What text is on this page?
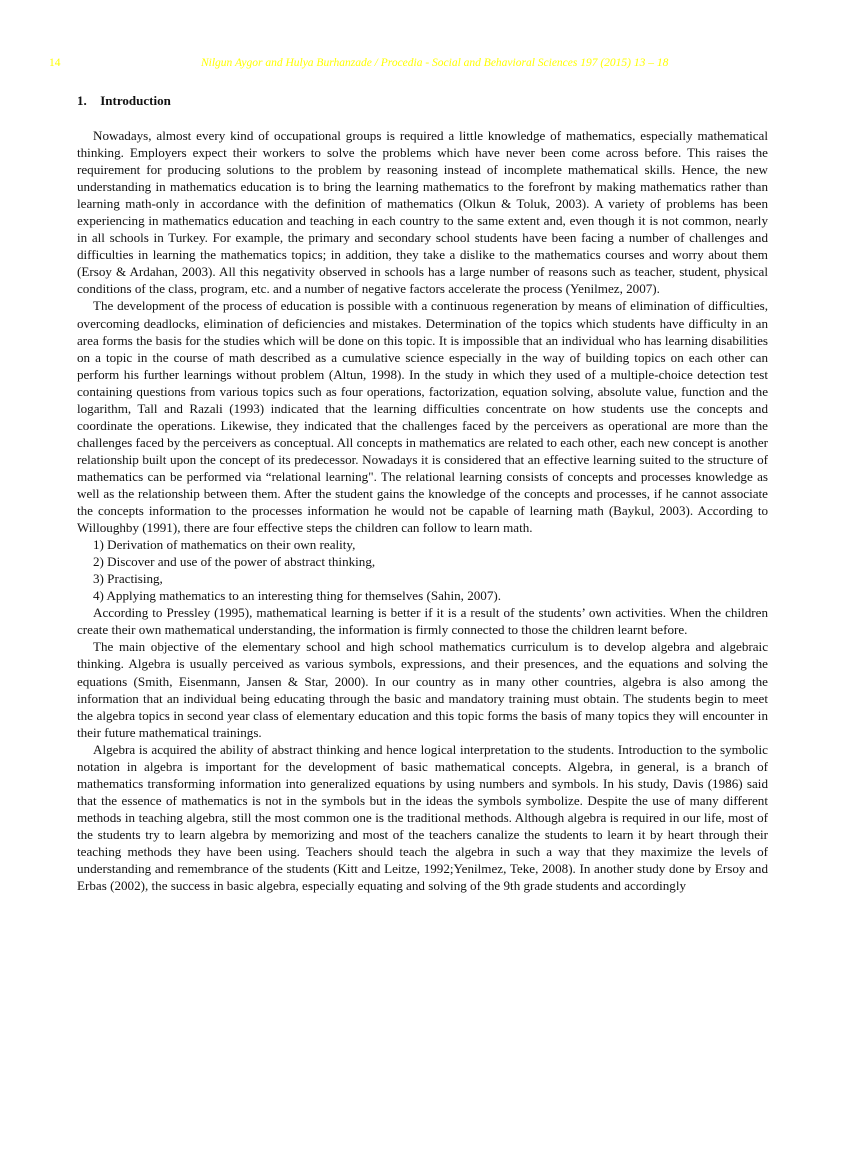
14	Nilgun Aygor and Hulya Burhanzade / Procedia - Social and Behavioral Sciences 197 (2015) 13 – 18
1. Introduction

Nowadays, almost every kind of occupational groups is required a little knowledge of mathematics, especially mathematical thinking. Employers expect their workers to solve the problems which have never been come across before. This raises the requirement for producing solutions to the problem by reasoning instead of incomplete mathematical skills. Hence, the new understanding in mathematics education is to bring the learning mathematics to the forefront by making mathematics rather than learning math-only in accordance with the definition of mathematics (Olkun & Toluk, 2003). A variety of problems has been experiencing in mathematics education and teaching in each country to the same extent and, even though it is not common, nearly in all schools in Turkey. For example, the primary and secondary school students have been facing a number of challenges and difficulties in learning the mathematics topics; in addition, they take a dislike to the mathematics courses and worry about them (Ersoy & Ardahan, 2003). All this negativity observed in schools has a large number of reasons such as teacher, student, physical conditions of the class, program, etc. and a number of negative factors accelerate the process (Yenilmez, 2007).

The development of the process of education is possible with a continuous regeneration by means of elimination of difficulties, overcoming deadlocks, elimination of deficiencies and mistakes. Determination of the topics which students have difficulty in an area forms the basis for the studies which will be done on this topic. It is impossible that an individual who has learning disabilities on a topic in the course of math described as a cumulative science especially in the way of building topics on each other can perform his further learnings without problem (Altun, 1998). In the study in which they used of a multiple-choice detection test containing questions from various topics such as four operations, factorization, equation solving, absolute value, function and the logarithm, Tall and Razali (1993) indicated that the learning difficulties concentrate on how students use the concepts and coordinate the operations. Likewise, they indicated that the challenges faced by the perceivers as operational are more than the challenges faced by the perceivers as conceptual. All concepts in mathematics are related to each other, each new concept is another relationship built upon the concept of its predecessor. Nowadays it is considered that an effective learning suited to the structure of mathematics can be performed via “relational learning". The relational learning consists of concepts and processes knowledge as well as the relationship between them. After the student gains the knowledge of the concepts and processes, if he cannot associate the concepts information to the processes information he would not be capable of learning math (Baykul, 2003). According to Willoughby (1991), there are four effective steps the children can follow to learn math.

1) Derivation of mathematics on their own reality,

2) Discover and use of the power of abstract thinking,

3) Practising,

4) Applying mathematics to an interesting thing for themselves (Sahin, 2007).

According to Pressley (1995), mathematical learning is better if it is a result of the students’ own activities. When the children create their own mathematical understanding, the information is firmly connected to those the children learnt before.

The main objective of the elementary school and high school mathematics curriculum is to develop algebra and algebraic thinking. Algebra is usually perceived as various symbols, expressions, and their presences, and the equations and solving the equations (Smith, Eisenmann, Jansen & Star, 2000). In our country as in many other countries, algebra is also among the information that an individual being educating through the basic and mandatory training must obtain. The students begin to meet the algebra topics in second year class of elementary education and this topic forms the basis of many topics they will encounter in their future mathematical trainings.

Algebra is acquired the ability of abstract thinking and hence logical interpretation to the students. Introduction to the symbolic notation in algebra is important for the development of basic mathematical concepts. Algebra, in general, is a branch of mathematics transforming information into generalized equations by using numbers and symbols. In his study, Davis (1986) said that the essence of mathematics is not in the symbols but in the ideas the symbols symbolize. Despite the use of many different methods in teaching algebra, still the most common one is the traditional methods. Although algebra is required in our life, most of the students try to learn algebra by memorizing and most of the teachers canalize the students to learn it by heart through their teaching methods they have been using. Teachers should teach the algebra in such a way that they maximize the levels of understanding and remembrance of the students (Kitt and Leitze, 1992;Yenilmez, Teke, 2008). In another study done by Ersoy and Erbas (2002), the success in basic algebra, especially equating and solving of the 9th grade students and accordingly
